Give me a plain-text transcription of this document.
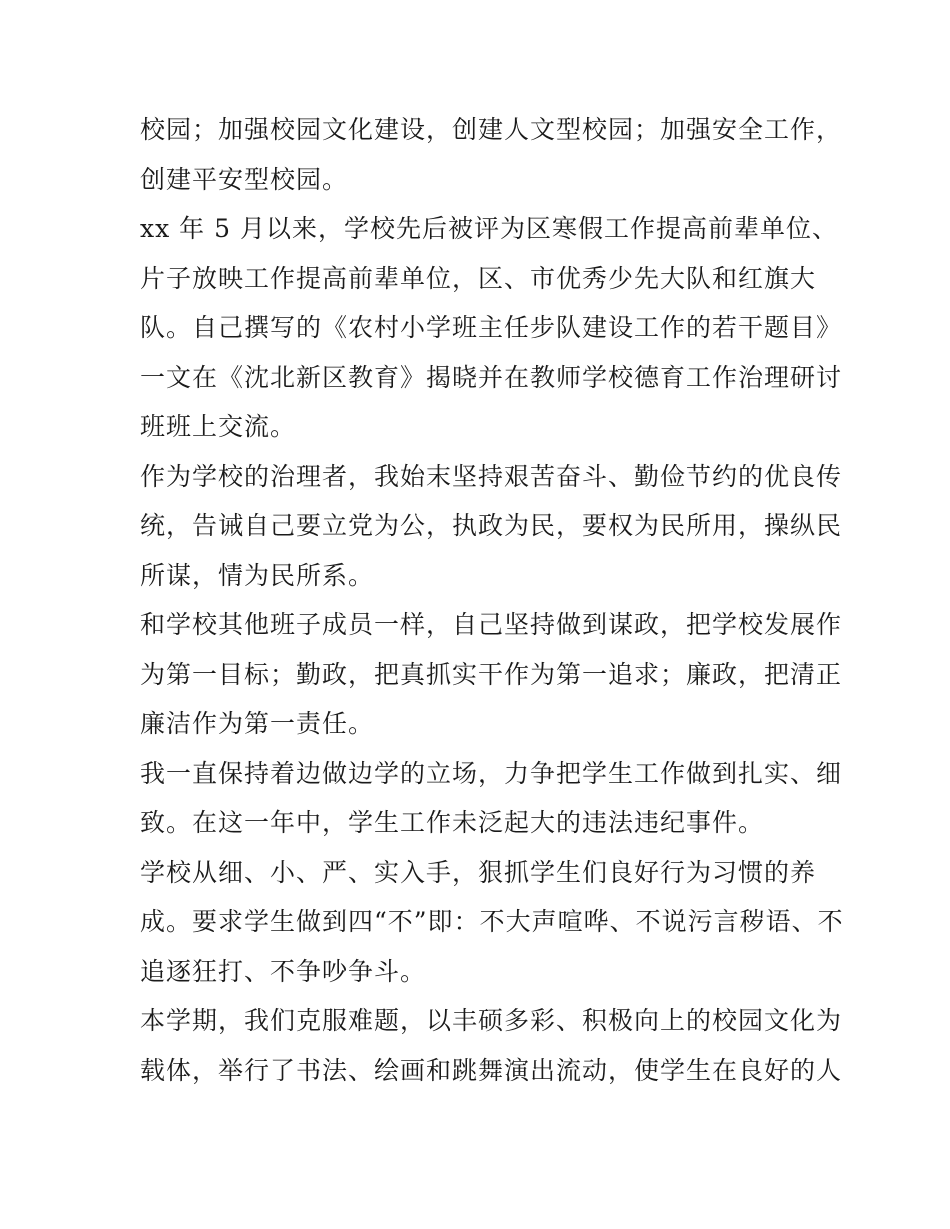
校园；加强校园文化建设，创建人文型校园；加强安全工作，
创建平安型校园。
xx 年 5 月以来，学校先后被评为区寒假工作提高前辈单位、
片子放映工作提高前辈单位，区、市优秀少先大队和红旗大
队。自己撰写的《农村小学班主任步队建设工作的若干题目》
一文在《沈北新区教育》揭晓并在教师学校德育工作治理研讨
班班上交流。
作为学校的治理者，我始末坚持艰苦奋斗、勤俭节约的优良传
统，告诫自己要立党为公，执政为民，要权为民所用，操纵民
所谋，情为民所系。
和学校其他班子成员一样，自己坚持做到谋政，把学校发展作
为第一目标；勤政，把真抓实干作为第一追求；廉政，把清正
廉洁作为第一责任。
我一直保持着边做边学的立场，力争把学生工作做到扎实、细
致。在这一年中，学生工作未泛起大的违法违纪事件。
学校从细、小、严、实入手，狠抓学生们良好行为习惯的养
成。要求学生做到四“不”即：不大声喧哗、不说污言秽语、不
追逐狂打、不争吵争斗。
本学期，我们克服难题，以丰硕多彩、积极向上的校园文化为
载体，举行了书法、绘画和跳舞演出流动，使学生在良好的人
